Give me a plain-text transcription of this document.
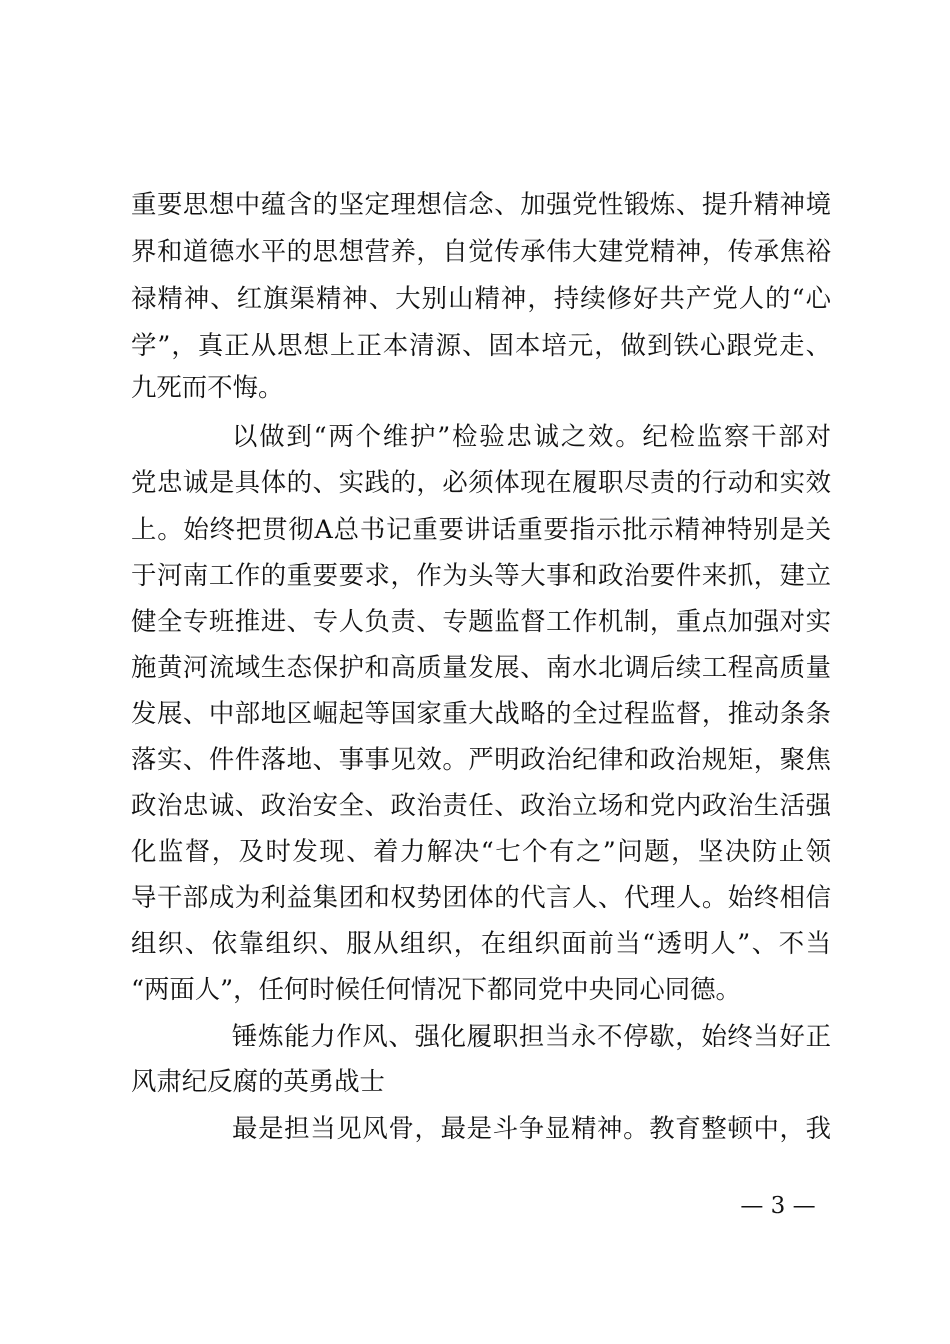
重要思想中蕴含的坚定理想信念、加强党性锻炼、提升精神境
界和道德水平的思想营养，自觉传承伟大建党精神，传承焦裕
禄精神、红旗渠精神、大别山精神，持续修好共产党人的“心
学”，真正从思想上正本清源、固本培元，做到铁心跟党走、
九死而不悔。
以做到“两个维护”检验忠诚之效。纪检监察干部对
党忠诚是具体的、实践的，必须体现在履职尽责的行动和实效
上。始终把贯彻A总书记重要讲话重要指示批示精神特别是关
于河南工作的重要要求，作为头等大事和政治要件来抓，建立
健全专班推进、专人负责、专题监督工作机制，重点加强对实
施黄河流域生态保护和高质量发展、南水北调后续工程高质量
发展、中部地区崛起等国家重大战略的全过程监督，推动条条
落实、件件落地、事事见效。严明政治纪律和政治规矩，聚焦
政治忠诚、政治安全、政治责任、政治立场和党内政治生活强
化监督，及时发现、着力解决“七个有之”问题，坚决防止领
导干部成为利益集团和权势团体的代言人、代理人。始终相信
组织、依靠组织、服从组织，在组织面前当“透明人”、不当
“两面人”，任何时候任何情况下都同党中央同心同德。
锤炼能力作风、强化履职担当永不停歇，始终当好正
风肃纪反腐的英勇战士
最是担当见风骨，最是斗争显精神。教育整顿中，我
— 3 —
